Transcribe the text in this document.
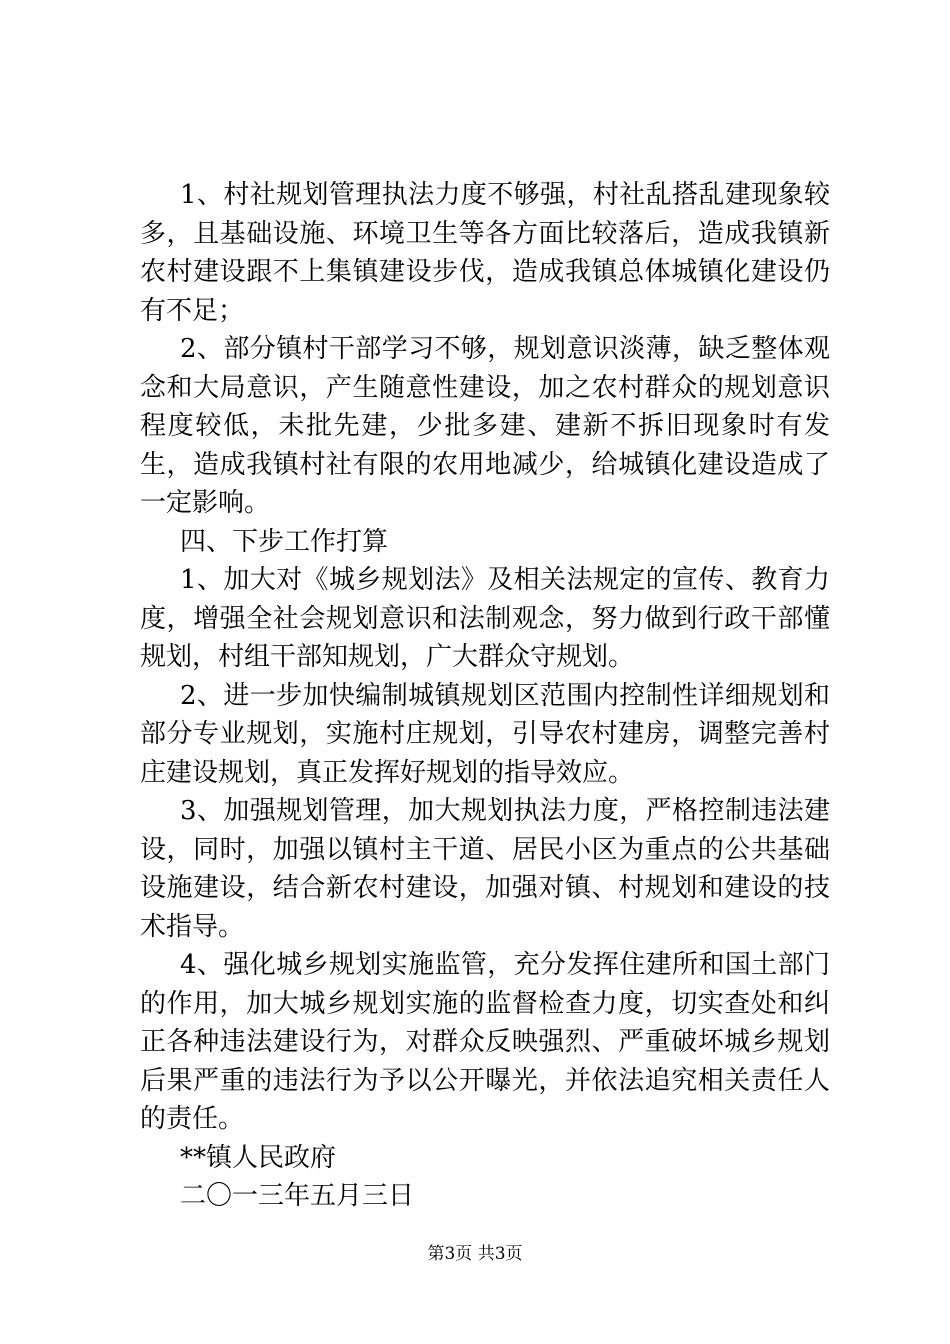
1、村社规划管理执法力度不够强，村社乱搭乱建现象较多，且基础设施、环境卫生等各方面比较落后，造成我镇新农村建设跟不上集镇建设步伐，造成我镇总体城镇化建设仍有不足；

2、部分镇村干部学习不够，规划意识淡薄，缺乏整体观念和大局意识，产生随意性建设，加之农村群众的规划意识程度较低，未批先建，少批多建、建新不拆旧现象时有发生，造成我镇村社有限的农用地减少，给城镇化建设造成了一定影响。

四、下步工作打算

1、加大对《城乡规划法》及相关法规定的宣传、教育力度，增强全社会规划意识和法制观念，努力做到行政干部懂规划，村组干部知规划，广大群众守规划。

2、进一步加快编制城镇规划区范围内控制性详细规划和部分专业规划，实施村庄规划，引导农村建房，调整完善村庄建设规划，真正发挥好规划的指导效应。

3、加强规划管理，加大规划执法力度，严格控制违法建设，同时，加强以镇村主干道、居民小区为重点的公共基础设施建设，结合新农村建设，加强对镇、村规划和建设的技术指导。

4、强化城乡规划实施监管，充分发挥住建所和国土部门的作用，加大城乡规划实施的监督检查力度，切实查处和纠正各种违法建设行为，对群众反映强烈、严重破坏城乡规划后果严重的违法行为予以公开曝光，并依法追究相关责任人的责任。

**镇人民政府

二〇一三年五月三日

第3页 共3页
